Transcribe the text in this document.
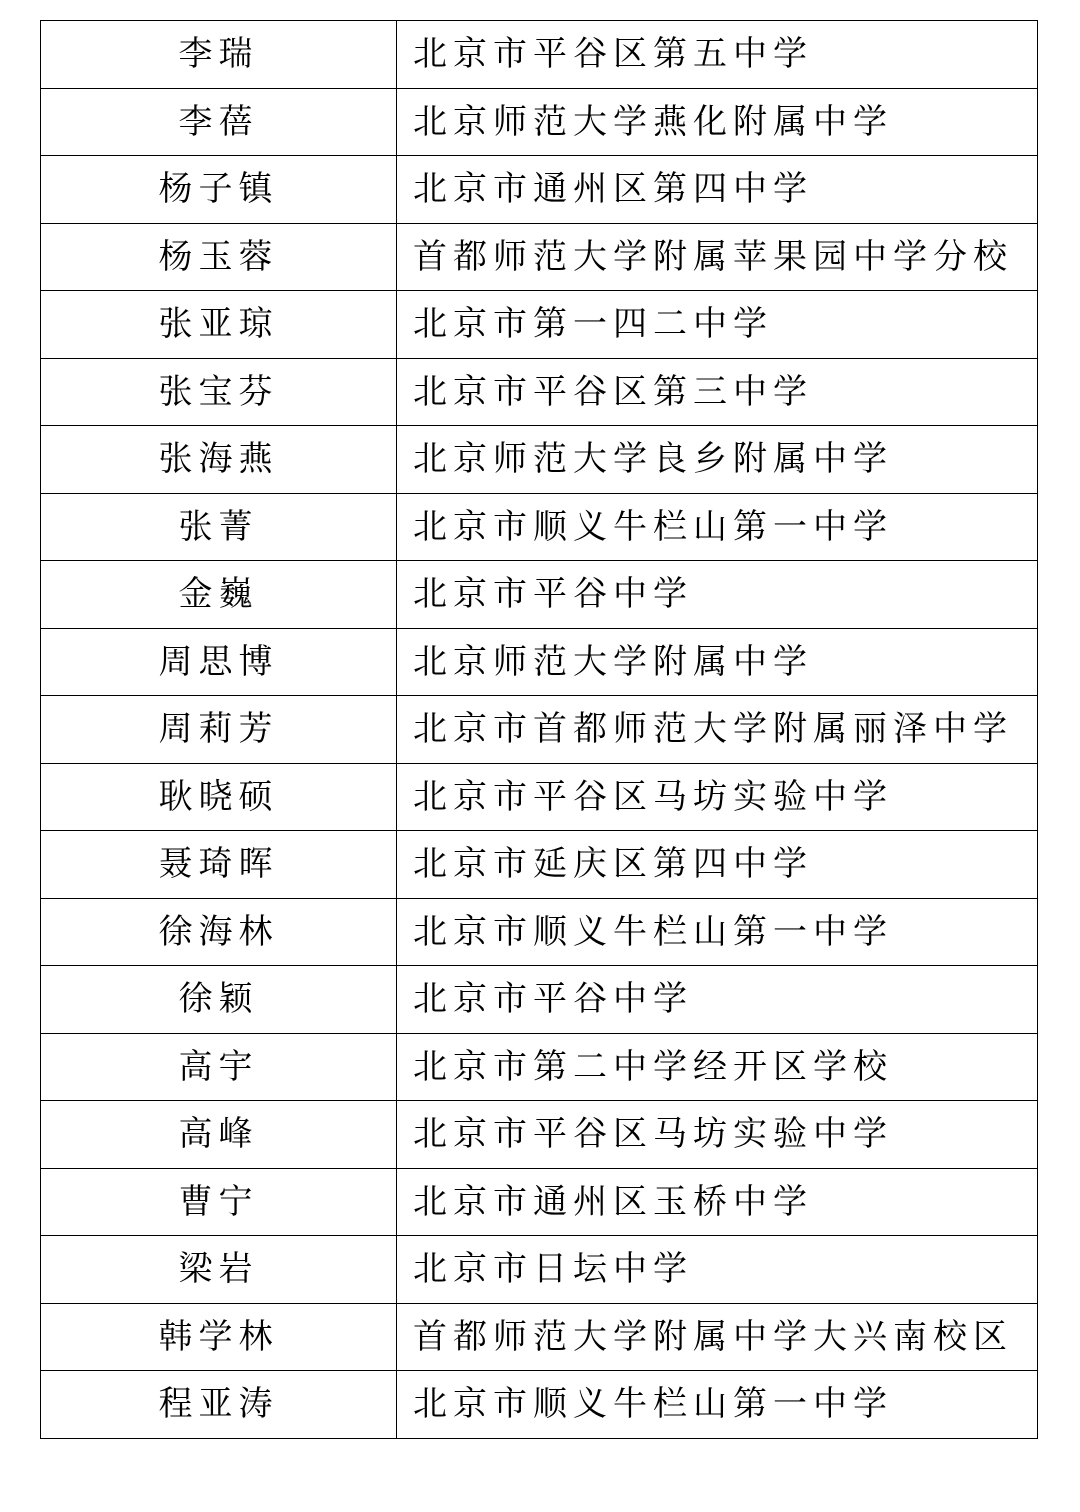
李瑞	北京市平谷区第五中学
李蓓	北京师范大学燕化附属中学
杨子镇	北京市通州区第四中学
杨玉蓉	首都师范大学附属苹果园中学分校
张亚琼	北京市第一四二中学
张宝芬	北京市平谷区第三中学
张海燕	北京师范大学良乡附属中学
张菁	北京市顺义牛栏山第一中学
金巍	北京市平谷中学
周思博	北京师范大学附属中学
周莉芳	北京市首都师范大学附属丽泽中学
耿晓硕	北京市平谷区马坊实验中学
聂琦晖	北京市延庆区第四中学
徐海林	北京市顺义牛栏山第一中学
徐颖	北京市平谷中学
高宇	北京市第二中学经开区学校
高峰	北京市平谷区马坊实验中学
曹宁	北京市通州区玉桥中学
梁岩	北京市日坛中学
韩学林	首都师范大学附属中学大兴南校区
程亚涛	北京市顺义牛栏山第一中学
